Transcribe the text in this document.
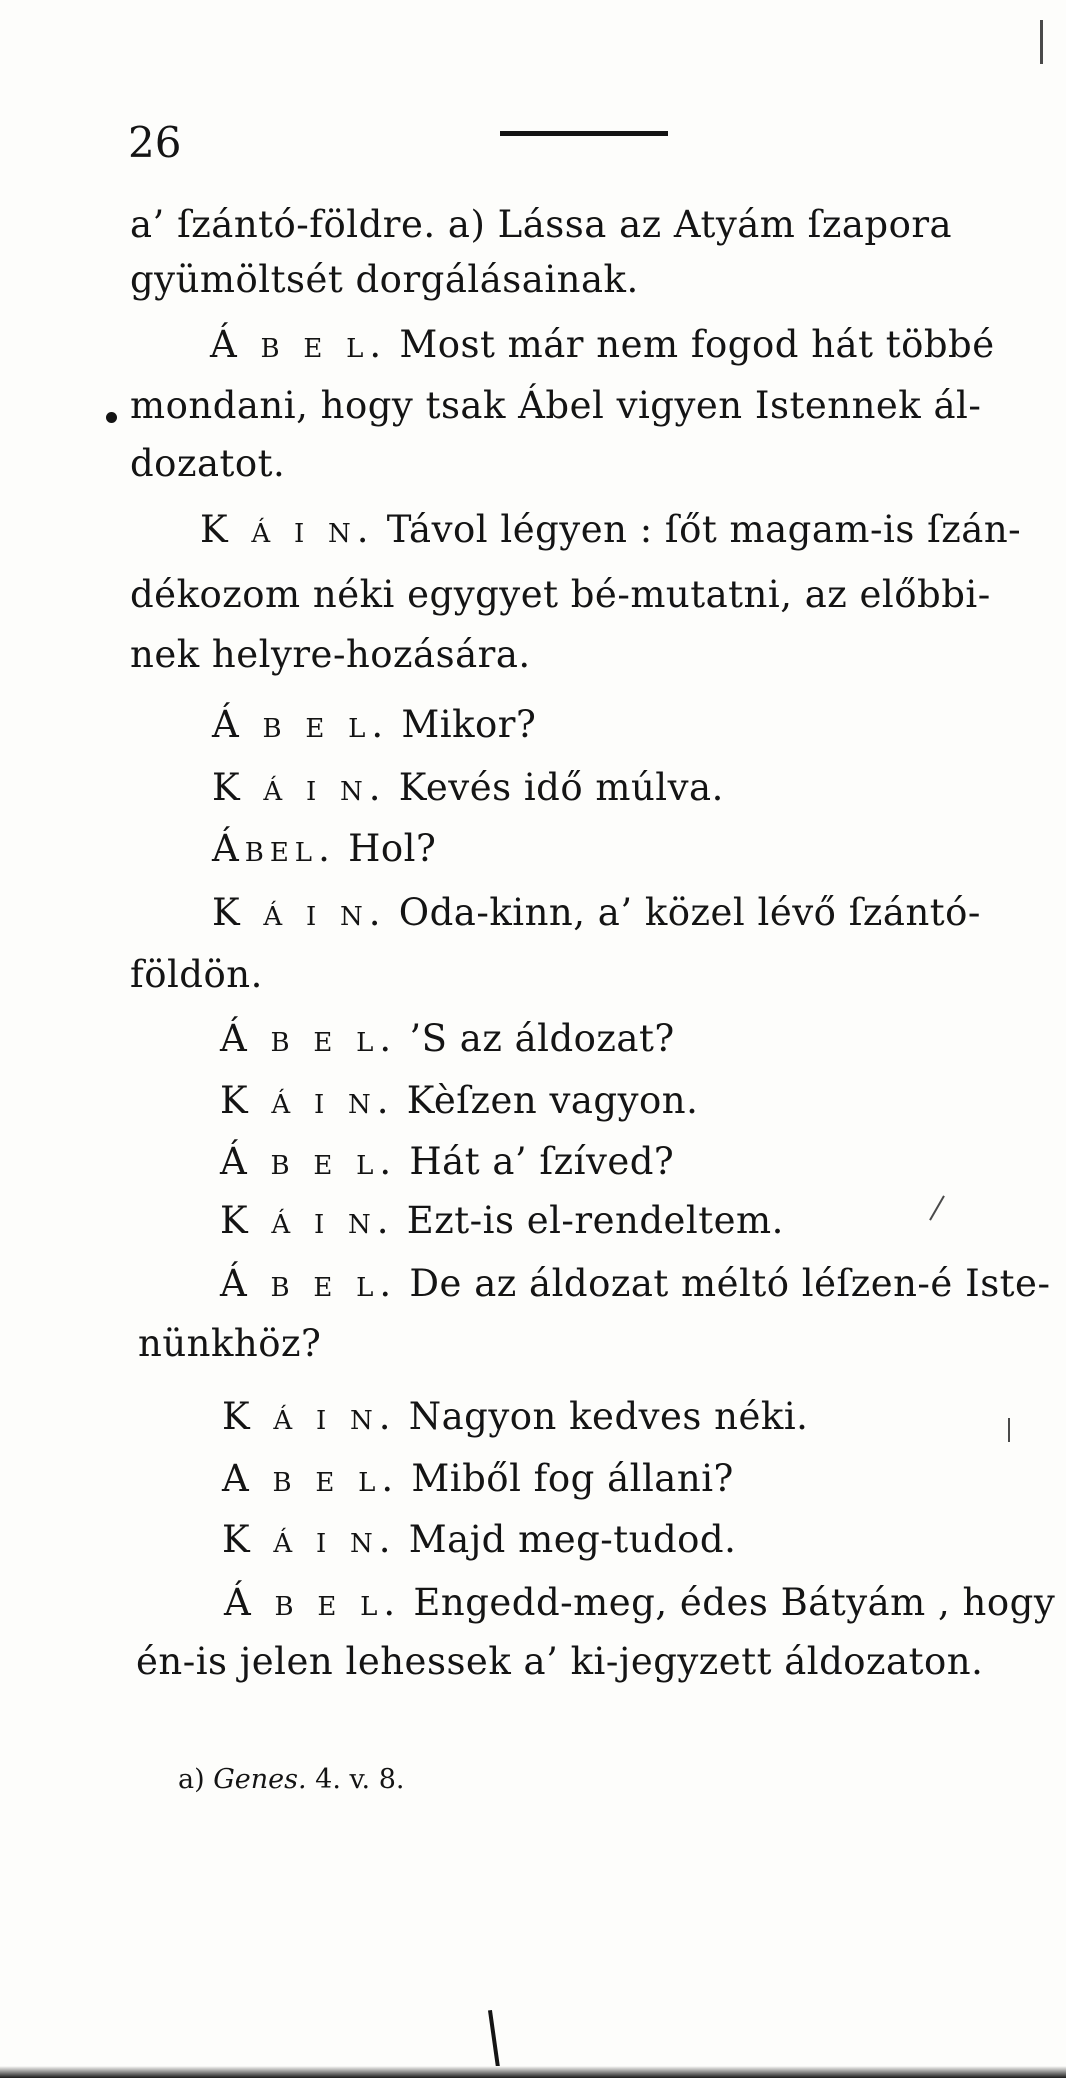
26

a’ ſzántó-földre. a) Lássa az Atyám ſzapora

gyümöltsét dorgálásainak.

Á b e l. Most már nem fogod hát többé

mondani, hogy tsak Ábel vigyen Istennek ál-

dozatot.

K á i n. Távol légyen : ſőt magam-is ſzán-

dékozom néki egygyet bé-mutatni, az előbbi-

nek helyre-hozására.

Á b e l. Mikor?

K á i n. Kevés idő múlva.

Ábel. Hol?

K á i n. Oda-kinn, a’ közel lévő ſzántó-

földön.

Á b e l. ’S az áldozat?

K á i n. Kèſzen vagyon.

Á b e l. Hát a’ ſzíved?

K á i n. Ezt-is el-rendeltem.

Á b e l. De az áldozat méltó léſzen-é Iste-

nünkhöz?

K á i n. Nagyon kedves néki.

A b e l. Miből fog állani?

K á i n. Majd meg-tudod.

Á b e l. Engedd-meg, édes Bátyám , hogy

én-is jelen lehessek a’ ki-jegyzett áldozaton.

a) Genes. 4. v. 8.
